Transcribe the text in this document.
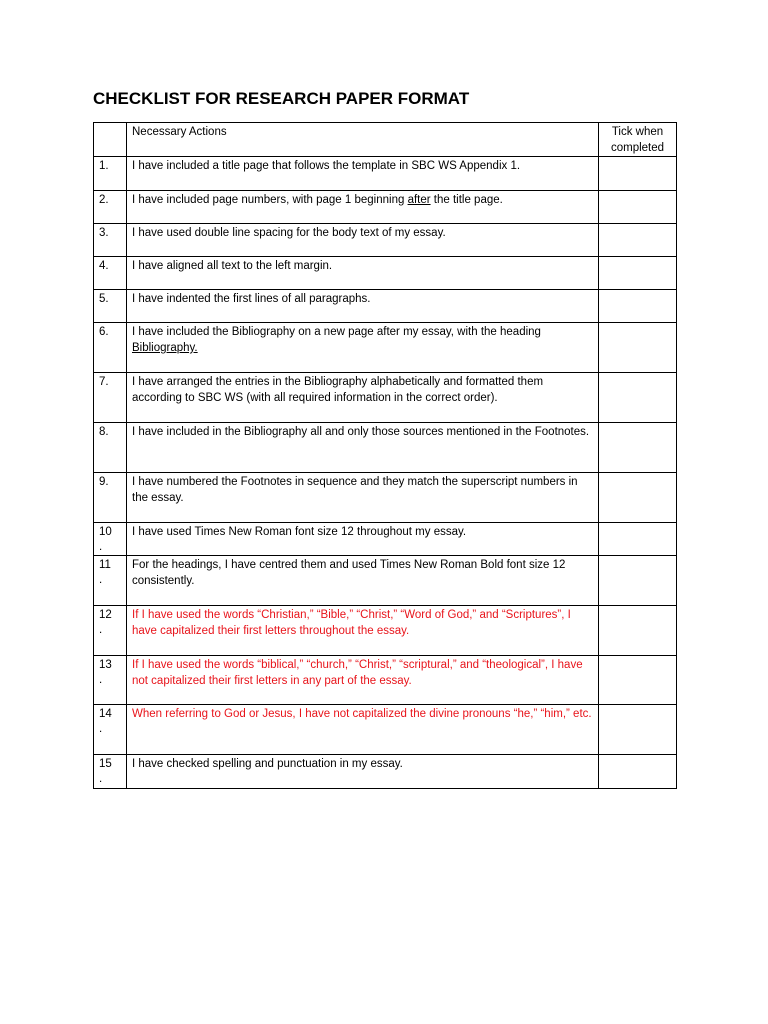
CHECKLIST FOR RESEARCH PAPER FORMAT
	Necessary Actions	Tick when
completed
1.	I have included a title page that follows the template in SBC WS Appendix 1.	
2.	I have included page numbers, with page 1 beginning after the title page.	
3.	I have used double line spacing for the body text of my essay.	
4.	I have aligned all text to the left margin.	
5.	I have indented the first lines of all paragraphs.	
6.	I have included the Bibliography on a new page after my essay, with the heading Bibliography.	
7.	I have arranged the entries in the Bibliography alphabetically and formatted them according to SBC WS (with all required information in the correct order).	
8.	I have included in the Bibliography all and only those sources mentioned in the Footnotes.	
9.	I have numbered the Footnotes in sequence and they match the superscript numbers in the essay.	
10
.	I have used Times New Roman font size 12 throughout my essay.	
11
.	For the headings, I have centred them and used Times New Roman Bold font size 12 consistently.	
12
.	If I have used the words “Christian,” “Bible,” “Christ,” “Word of God,” and “Scriptures”, I have capitalized their first letters throughout the essay.	
13
.	If I have used the words “biblical,” “church,” “Christ,” “scriptural,” and “theological”, I have not capitalized their first letters in any part of the essay.	
14
.	When referring to God or Jesus, I have not capitalized the divine pronouns “he,” “him,” etc.	
15
.	I have checked spelling and punctuation in my essay.	
